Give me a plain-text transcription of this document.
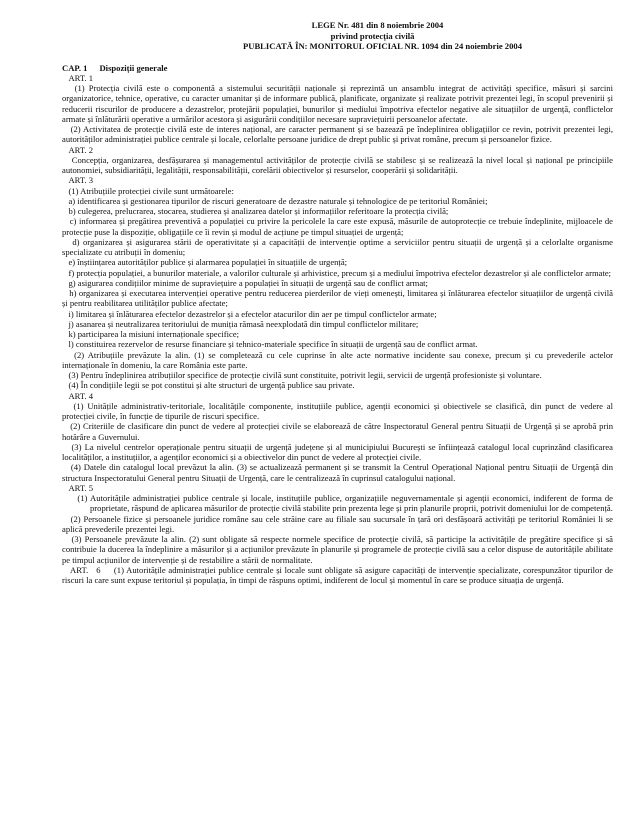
LEGE Nr. 481 din 8 noiembrie 2004
privind protecția civilă
PUBLICATĂ ÎN: MONITORUL OFICIAL NR. 1094 din 24 noiembrie 2004
CAP. 1 Dispoziții generale

ART. 1

(1) Protecția civilă este o componentă a sistemului securității naționale și reprezintă un ansamblu integrat de activități specifice, măsuri și sarcini organizatorice, tehnice, operative, cu caracter umanitar și de informare publică, planificate, organizate și realizate potrivit prezentei legi, în scopul prevenirii și reducerii riscurilor de producere a dezastrelor, protejării populației, bunurilor și mediului împotriva efectelor negative ale situațiilor de urgență, conflictelor armate și înlăturării operative a urmărilor acestora și asigurării condițiilor necesare supraviețuirii persoanelor afectate.

(2) Activitatea de protecție civilă este de interes național, are caracter permanent și se bazează pe îndeplinirea obligațiilor ce revin, potrivit prezentei legi, autorităților administrației publice centrale și locale, celorlalte persoane juridice de drept public și privat române, precum și persoanelor fizice.

ART. 2

Concepția, organizarea, desfășurarea și managementul activităților de protecție civilă se stabilesc și se realizează la nivel local și național pe principiile autonomiei, subsidiarității, legalității, responsabilității, corelării obiectivelor și resurselor, cooperării și solidarității.

ART. 3

(1) Atribuțiile protecției civile sunt următoarele:

a) identificarea și gestionarea tipurilor de riscuri generatoare de dezastre naturale și tehnologice de pe teritoriul României;

b) culegerea, prelucrarea, stocarea, studierea și analizarea datelor și informațiilor referitoare la protecția civilă;

c) informarea și pregătirea preventivă a populației cu privire la pericolele la care este expusă, măsurile de autoprotecție ce trebuie îndeplinite, mijloacele de protecție puse la dispoziție, obligațiile ce îi revin și modul de acțiune pe timpul situației de urgență;

d) organizarea și asigurarea stării de operativitate și a capacității de intervenție optime a serviciilor pentru situații de urgență și a celorlalte organisme specializate cu atribuții în domeniu;

e) înștiințarea autorităților publice și alarmarea populației în situațiile de urgență;

f) protecția populației, a bunurilor materiale, a valorilor culturale și arhivistice, precum și a mediului împotriva efectelor dezastrelor și ale conflictelor armate;

g) asigurarea condițiilor minime de supraviețuire a populației în situații de urgență sau de conflict armat;

h) organizarea și executarea intervenției operative pentru reducerea pierderilor de vieți omenești, limitarea și înlăturarea efectelor situațiilor de urgență civilă și pentru reabilitarea utilităților publice afectate;

i) limitarea și înlăturarea efectelor dezastrelor și a efectelor atacurilor din aer pe timpul conflictelor armate;

j) asanarea și neutralizarea teritoriului de muniția rămasă neexplodată din timpul conflictelor militare;

k) participarea la misiuni internaționale specifice;

l) constituirea rezervelor de resurse financiare și tehnico-materiale specifice în situații de urgență sau de conflict armat.

(2) Atribuțiile prevăzute la alin. (1) se completează cu cele cuprinse în alte acte normative incidente sau conexe, precum și cu prevederile actelor internaționale în domeniu, la care România este parte.

(3) Pentru îndeplinirea atribuțiilor specifice de protecție civilă sunt constituite, potrivit legii, servicii de urgență profesioniste și voluntare.

(4) În condițiile legii se pot constitui și alte structuri de urgență publice sau private.

ART. 4

(1) Unitățile administrativ-teritoriale, localitățile componente, instituțiile publice, agenții economici și obiectivele se clasifică, din punct de vedere al protecției civile, în funcție de tipurile de riscuri specifice.

(2) Criteriile de clasificare din punct de vedere al protecției civile se elaborează de către Inspectoratul General pentru Situații de Urgență și se aprobă prin hotărâre a Guvernului.

(3) La nivelul centrelor operaționale pentru situații de urgență județene și al municipiului București se înființează catalogul local cuprinzând clasificarea localităților, a instituțiilor, a agenților economici și a obiectivelor din punct de vedere al protecției civile.

(4) Datele din catalogul local prevăzut la alin. (3) se actualizează permanent și se transmit la Centrul Operațional Național pentru Situații de Urgență din structura Inspectoratului General pentru Situații de Urgență, care le centralizează în cuprinsul catalogului național.

ART. 5

(1) Autoritățile administrației publice centrale și locale, instituțiile publice, organizațiile neguvernamentale și agenții economici, indiferent de forma de proprietate, răspund de aplicarea măsurilor de protecție civilă stabilite prin prezenta lege și prin planurile proprii, potrivit domeniului lor de competență.

(2) Persoanele fizice și persoanele juridice române sau cele străine care au filiale sau sucursale în țară ori desfășoară activități pe teritoriul României li se aplică prevederile prezentei legi.

(3) Persoanele prevăzute la alin. (2) sunt obligate să respecte normele specifice de protecție civilă, să participe la activitățile de pregătire specifice și să contribuie la ducerea la îndeplinire a măsurilor și a acțiunilor prevăzute în planurile și programele de protecție civilă sau a celor dispuse de autoritățile abilitate pe timpul acțiunilor de intervenție și de restabilire a stării de normalitate.

ART.   6     (1) Autoritățile administrației publice centrale și locale sunt obligate să asigure capacități de intervenție specializate, corespunzător tipurilor de riscuri la care sunt expuse teritoriul și populația, în timpi de răspuns optimi, indiferent de locul și momentul în care se produce situația de urgență.
